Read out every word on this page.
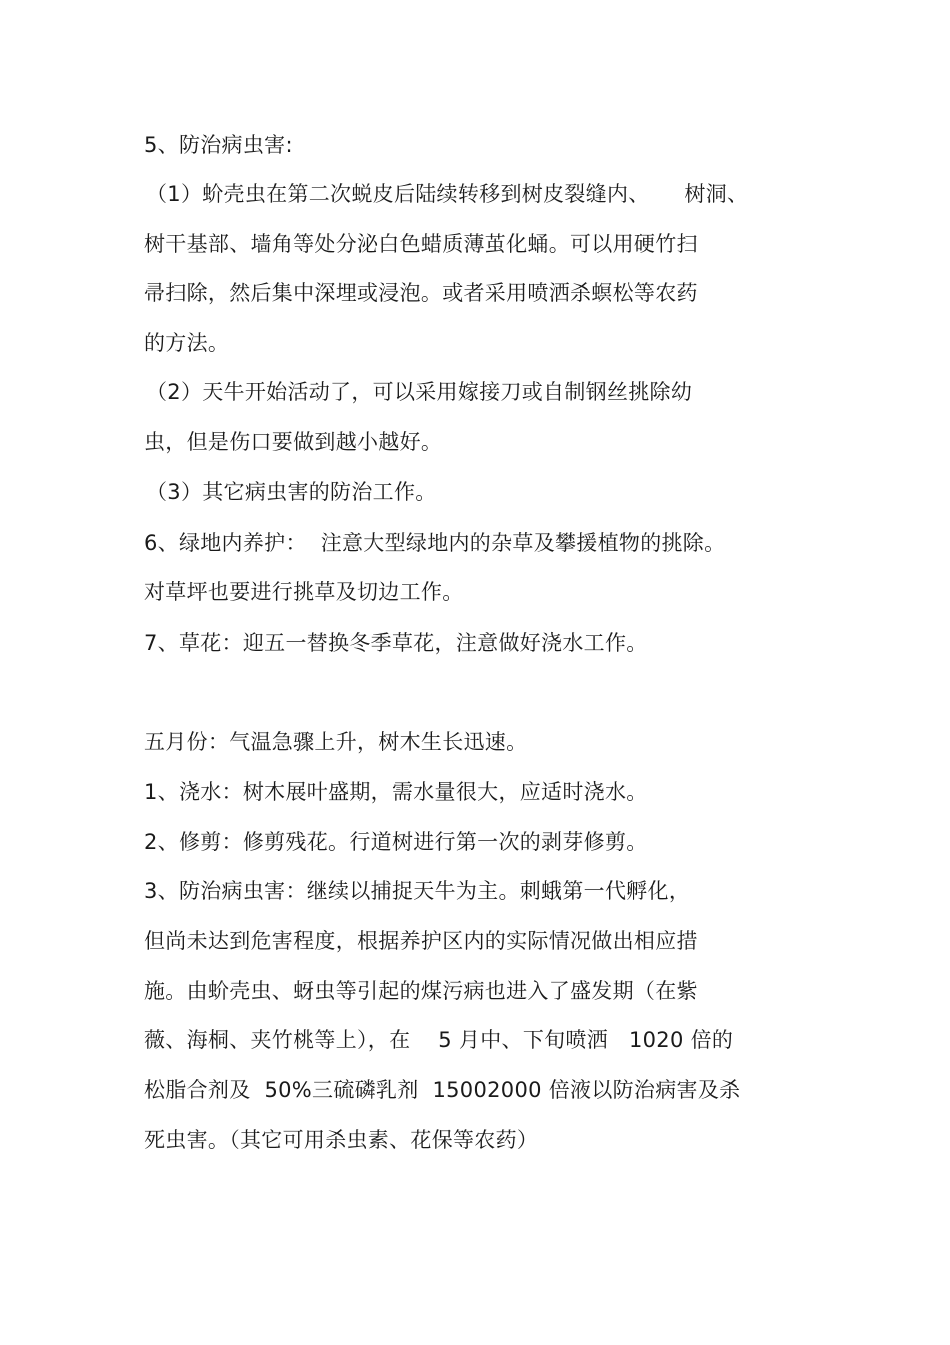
5、防治病虫害:
（1）蚧壳虫在第二次蜕皮后陆续转移到树皮裂缝内、     树洞、
树干基部、墙角等处分泌白色蜡质薄茧化蛹。可以用硬竹扫
帚扫除，然后集中深埋或浸泡。或者采用喷洒杀螟松等农药
的方法。
（2）天牛开始活动了，可以采用嫁接刀或自制钢丝挑除幼
虫，但是伤口要做到越小越好。
（3）其它病虫害的防治工作。
6、绿地内养护：  注意大型绿地内的杂草及攀援植物的挑除。
对草坪也要进行挑草及切边工作。
7、草花：迎五一替换冬季草花，注意做好浇水工作。
五月份：气温急骤上升，树木生长迅速。
1、浇水：树木展叶盛期，需水量很大，应适时浇水。
2、修剪：修剪残花。行道树进行第一次的剥芽修剪。
3、防治病虫害：继续以捕捉天牛为主。刺蛾第一代孵化，
但尚未达到危害程度，根据养护区内的实际情况做出相应措
施。由蚧壳虫、蚜虫等引起的煤污病也进入了盛发期（在紫
薇、海桐、夹竹桃等上），在    5 月中、下旬喷洒   1020 倍的
松脂合剂及  50%三硫磷乳剂  15002000 倍液以防治病害及杀
死虫害。（其它可用杀虫素、花保等农药）
